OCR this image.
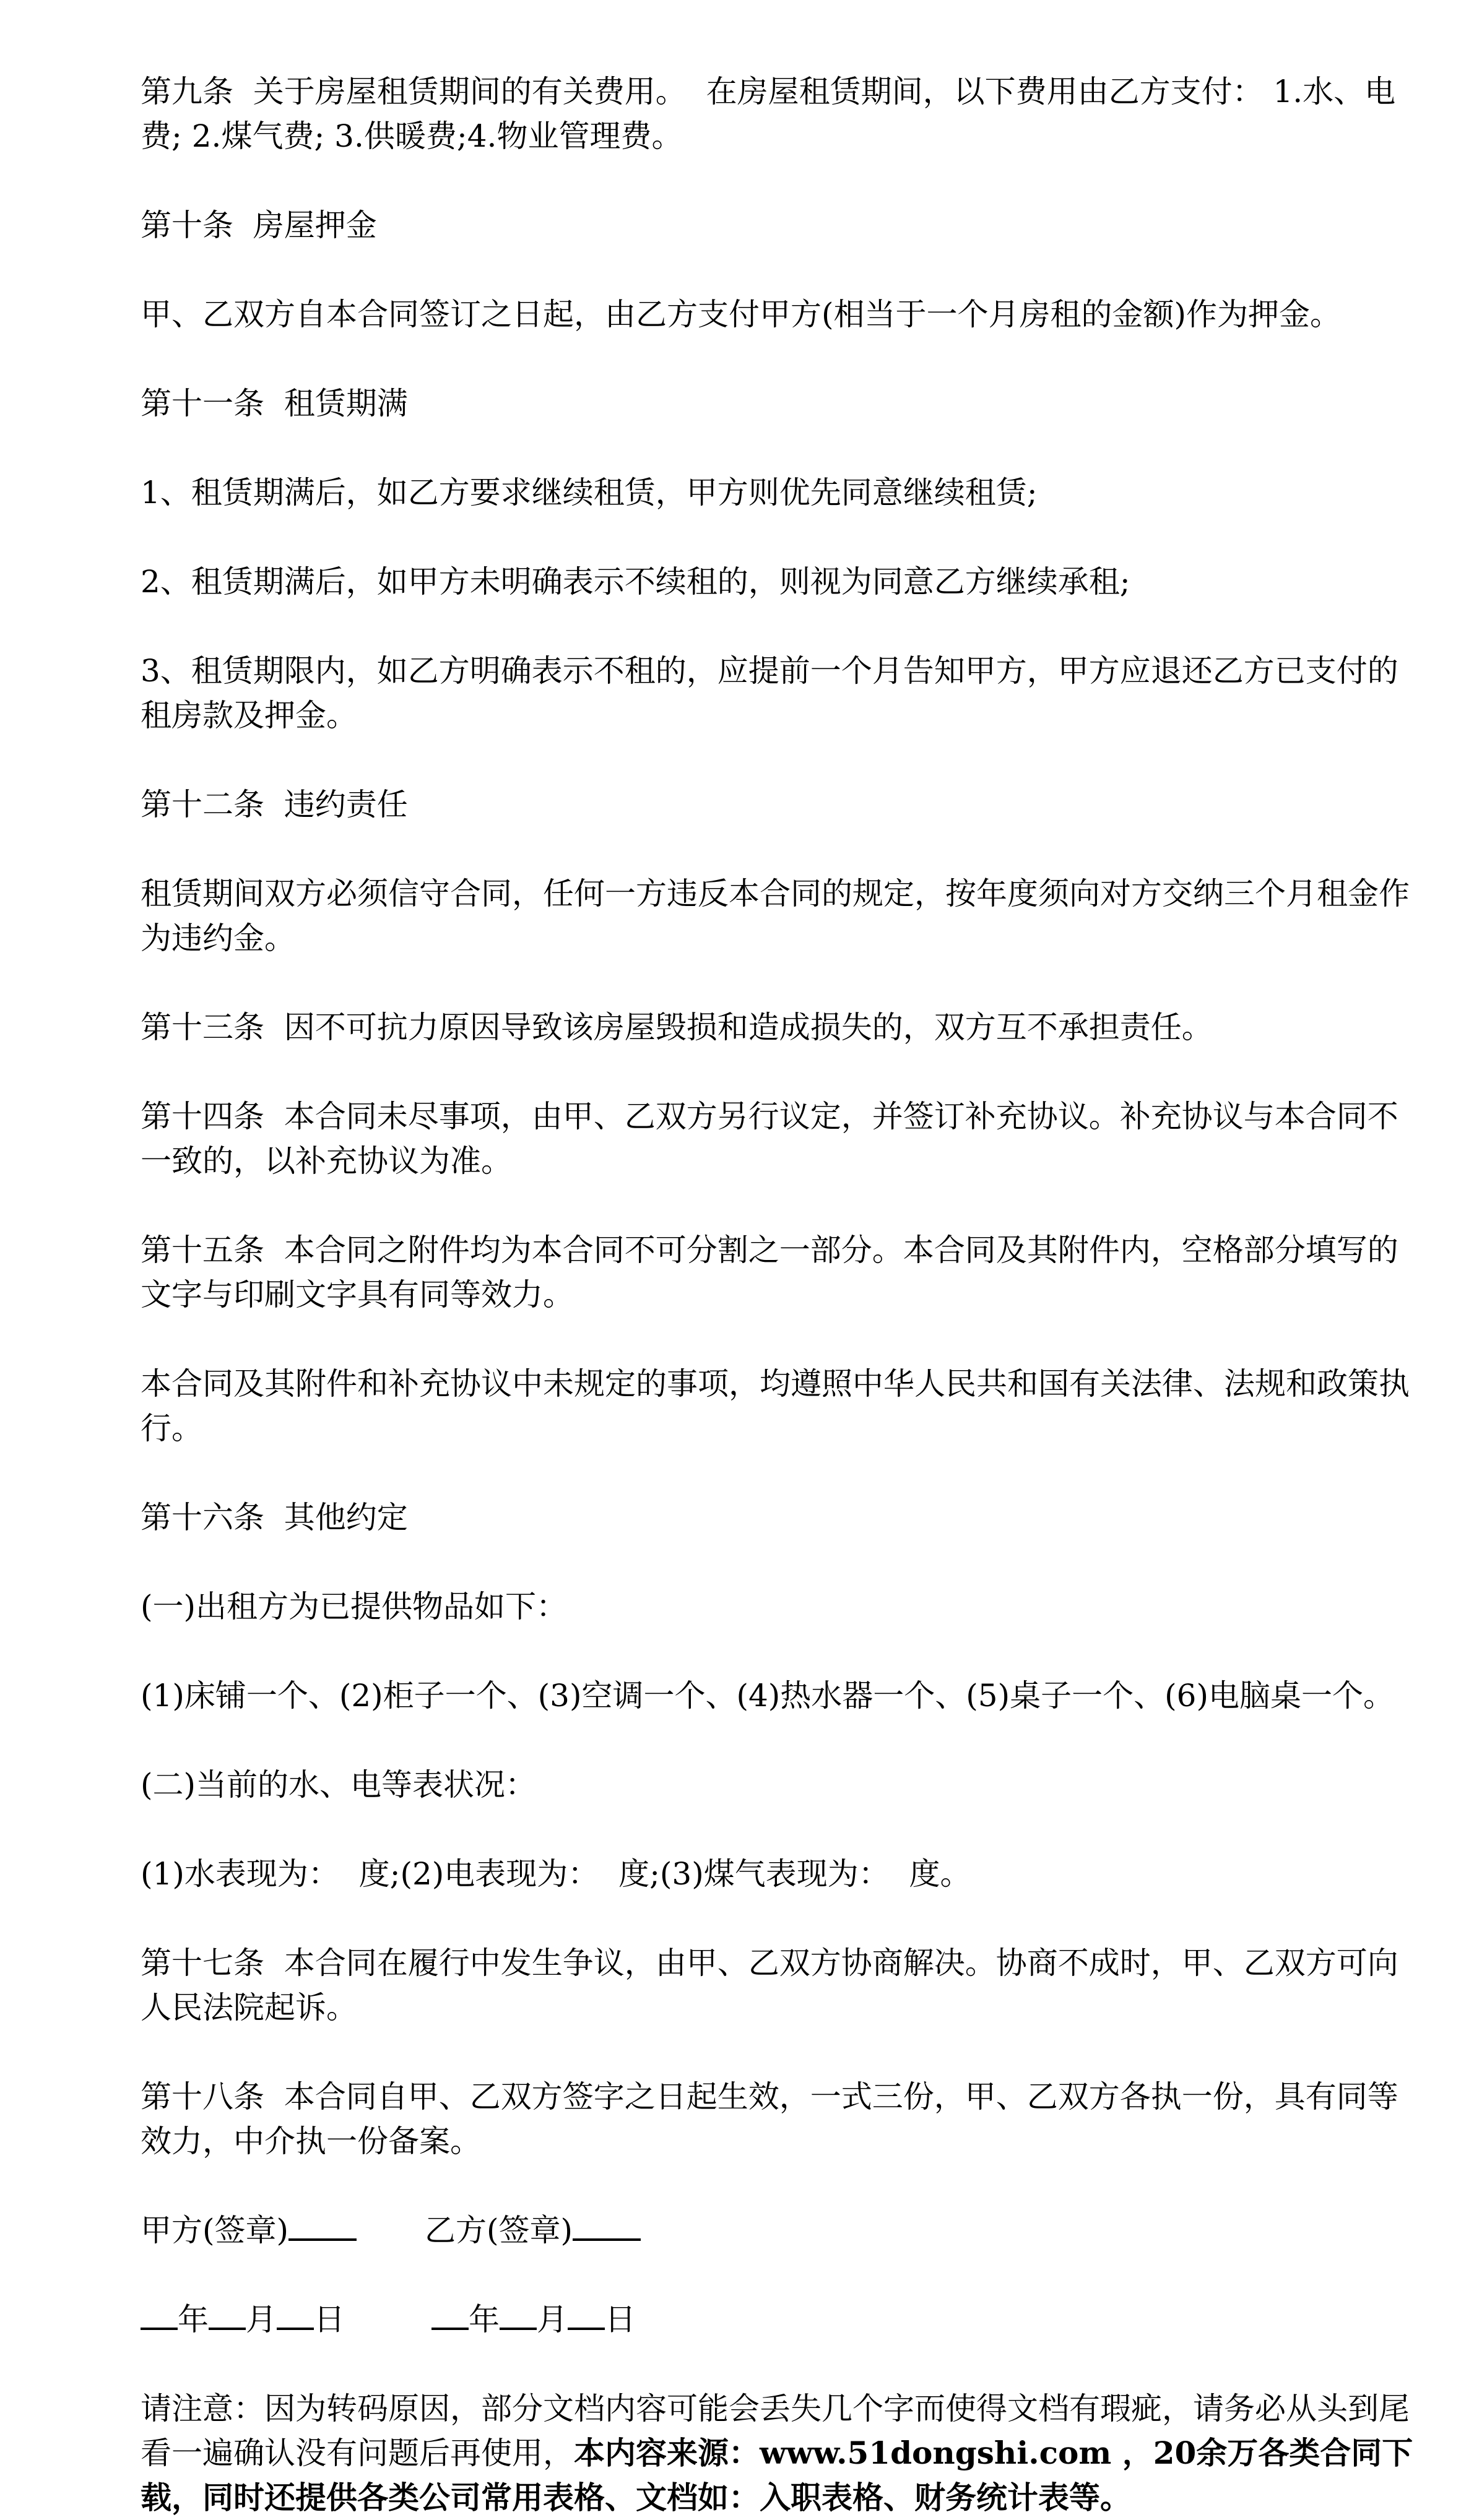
第九条  关于房屋租赁期间的有关费用。  在房屋租赁期间，以下费用由乙方支付： 1.水、电费; 2.煤气费; 3.供暖费;4.物业管理费。

第十条  房屋押金

甲、乙双方自本合同签订之日起，由乙方支付甲方(相当于一个月房租的金额)作为押金。

第十一条  租赁期满

1、租赁期满后，如乙方要求继续租赁，甲方则优先同意继续租赁;

2、租赁期满后，如甲方未明确表示不续租的，则视为同意乙方继续承租;

3、租赁期限内，如乙方明确表示不租的，应提前一个月告知甲方，甲方应退还乙方已支付的租房款及押金。

第十二条  违约责任

租赁期间双方必须信守合同，任何一方违反本合同的规定，按年度须向对方交纳三个月租金作为违约金。

第十三条  因不可抗力原因导致该房屋毁损和造成损失的，双方互不承担责任。

第十四条  本合同未尽事项，由甲、乙双方另行议定，并签订补充协议。补充协议与本合同不一致的，以补充协议为准。

第十五条  本合同之附件均为本合同不可分割之一部分。本合同及其附件内，空格部分填写的文字与印刷文字具有同等效力。

本合同及其附件和补充协议中未规定的事项，均遵照中华人民共和国有关法律、法规和政策执行。

第十六条  其他约定

(一)出租方为已提供物品如下：

(1)床铺一个、(2)柜子一个、(3)空调一个、(4)热水器一个、(5)桌子一个、(6)电脑桌一个。

(二)当前的水、电等表状况：

(1)水表现为：  度;(2)电表现为：  度;(3)煤气表现为：  度。

第十七条  本合同在履行中发生争议，由甲、乙双方协商解决。协商不成时，甲、乙双方可向人民法院起诉。

第十八条  本合同自甲、乙双方签字之日起生效，一式三份，甲、乙双方各执一份，具有同等效力，中介执一份备案。

甲方(签章)	乙方(签章)
年 月 日	年 月 日

请注意：因为转码原因，部分文档内容可能会丢失几个字而使得文档有瑕疵，请务必从头到尾看一遍确认没有问题后再使用，本内容来源：www.51dongshi.com ，20余万各类合同下载，同时还提供各类公司常用表格、文档如：入职表格、财务统计表等。
